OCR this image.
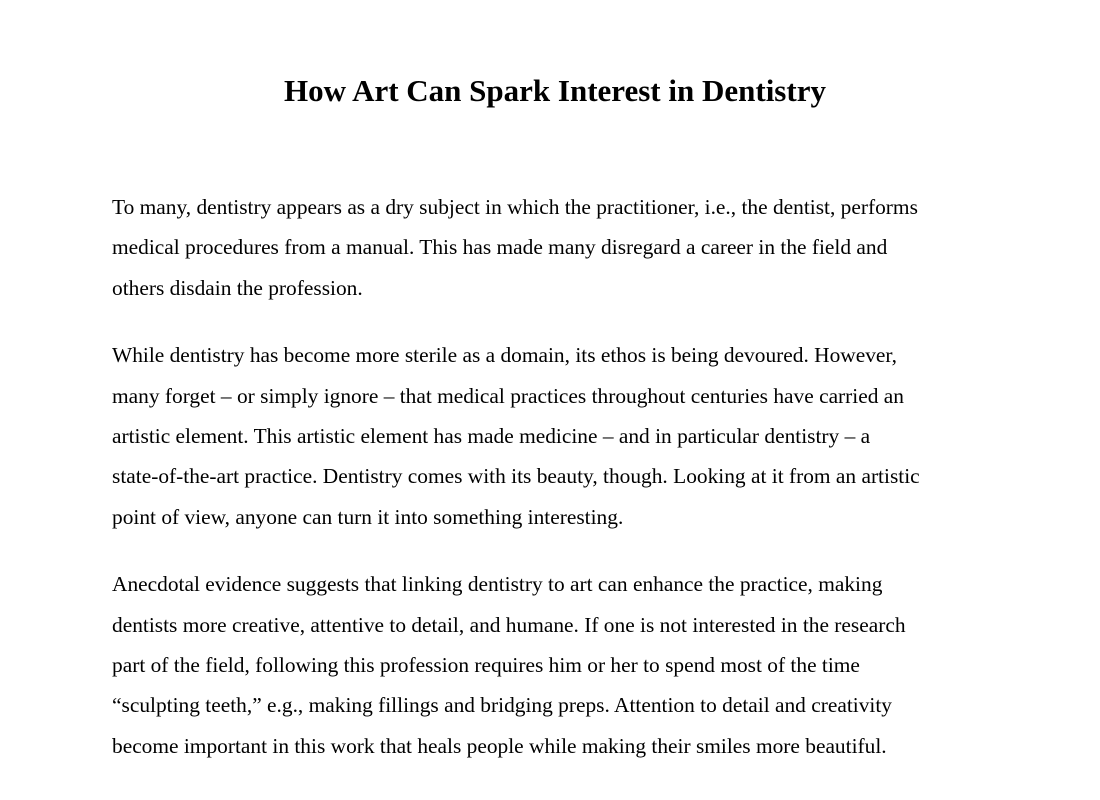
How Art Can Spark Interest in Dentistry

To many, dentistry appears as a dry subject in which the practitioner, i.e., the dentist, performs
medical procedures from a manual. This has made many disregard a career in the field and
others disdain the profession.

While dentistry has become more sterile as a domain, its ethos is being devoured. However,
many forget – or simply ignore – that medical practices throughout centuries have carried an
artistic element. This artistic element has made medicine – and in particular dentistry – a
state-of-the-art practice. Dentistry comes with its beauty, though. Looking at it from an artistic
point of view, anyone can turn it into something interesting.

Anecdotal evidence suggests that linking dentistry to art can enhance the practice, making
dentists more creative, attentive to detail, and humane. If one is not interested in the research
part of the field, following this profession requires him or her to spend most of the time
“sculpting teeth,” e.g., making fillings and bridging preps. Attention to detail and creativity
become important in this work that heals people while making their smiles more beautiful.
